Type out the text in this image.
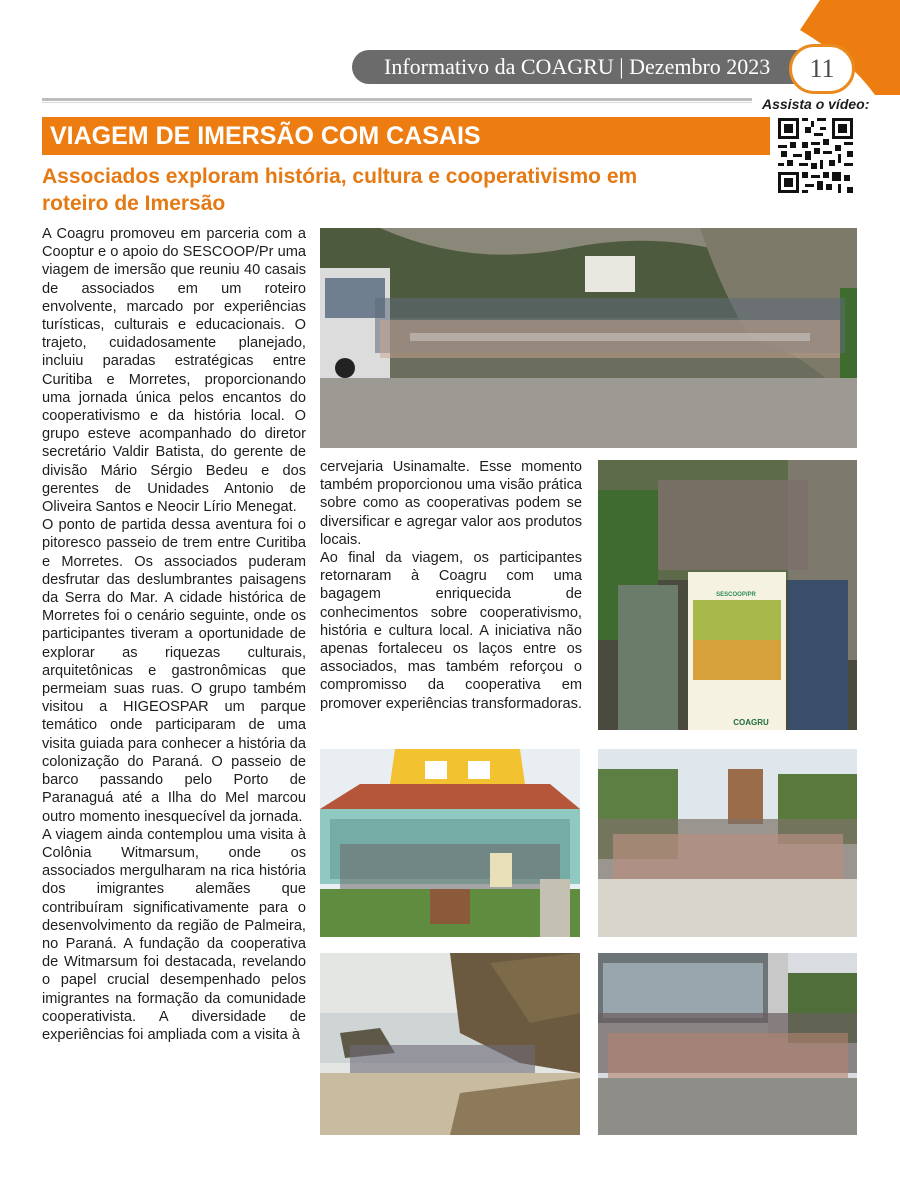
Informativo da COAGRU | Dezembro 2023	11
Assista o vídeo:
VIAGEM DE IMERSÃO COM CASAIS
Associados exploram história, cultura e cooperativismo em roteiro de Imersão

A Coagru promoveu em parceria com a Cooptur e o apoio do SESCOOP/Pr uma viagem de imersão que reuniu 40 casais de associados em um roteiro envolvente, marcado por experiências turísticas, culturais e educacionais. O trajeto, cuidadosamente planejado, incluiu paradas estratégicas entre Curitiba e Morretes, proporcionando uma jornada única pelos encantos do cooperativismo e da história local. O grupo esteve acompanhado do diretor secretário Valdir Batista, do gerente de divisão Mário Sérgio Bedeu e dos gerentes de Unidades Antonio de Oliveira Santos e Neocir Lírio Menegat.

O ponto de partida dessa aventura foi o pitoresco passeio de trem entre Curitiba e Morretes. Os associados puderam desfrutar das deslumbrantes paisagens da Serra do Mar. A cidade histórica de Morretes foi o cenário seguinte, onde os participantes tiveram a oportunidade de explorar as riquezas culturais, arquitetônicas e gastronômicas que permeiam suas ruas. O grupo também visitou a HIGEOSPAR um parque temático onde participaram de uma visita guiada para conhecer a história da colonização do Paraná. O passeio de barco passando pelo Porto de Paranaguá até a Ilha do Mel marcou outro momento inesquecível da jornada.

A viagem ainda contemplou uma visita à Colônia Witmarsum, onde os associados mergulharam na rica história dos imigrantes alemães que contribuíram significativamente para o desenvolvimento da região de Palmeira, no Paraná. A fundação da cooperativa de Witmarsum foi destacada, revelando o papel crucial desempenhado pelos imigrantes na formação da comunidade cooperativista. A diversidade de experiências foi ampliada com a visita à

cervejaria Usinamalte. Esse momento também proporcionou uma visão prática sobre como as cooperativas podem se diversificar e agregar valor aos produtos locais.

Ao final da viagem, os participantes retornaram à Coagru com uma bagagem enriquecida de conhecimentos sobre cooperativismo, história e cultura local. A iniciativa não apenas fortaleceu os laços entre os associados, mas também reforçou o compromisso da cooperativa em promover experiências transformadoras.

SESCOOP/PR
COAGRU
